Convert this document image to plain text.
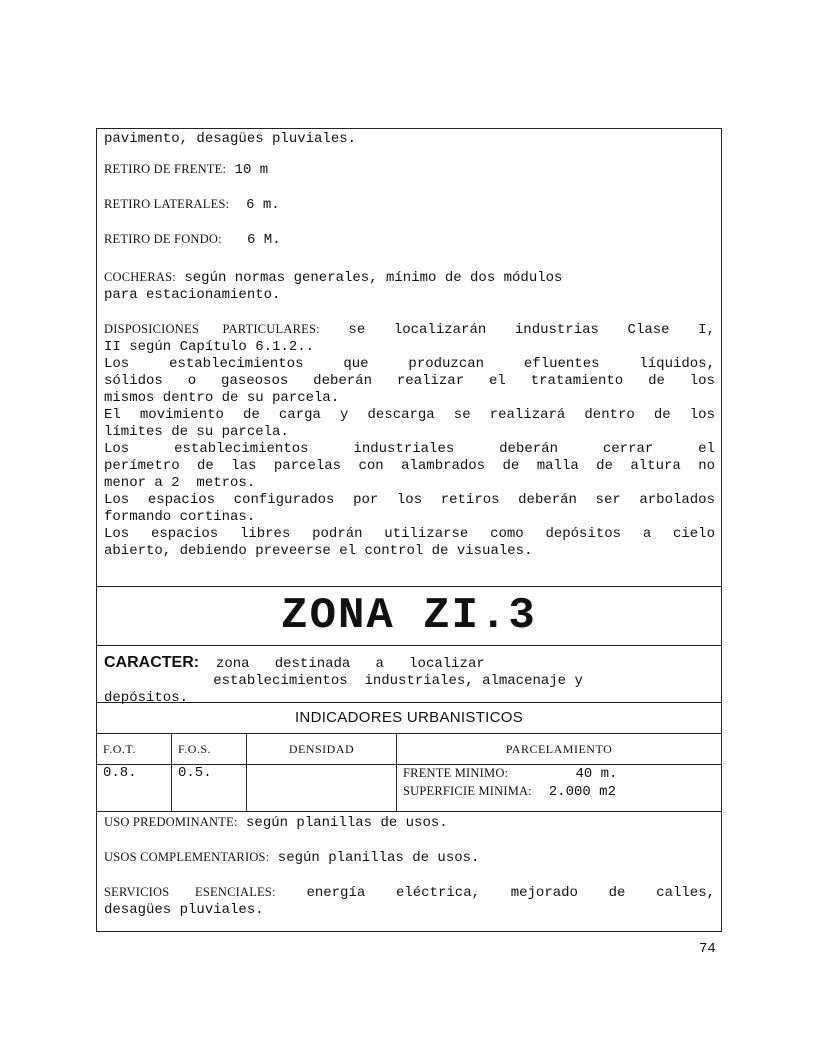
pavimento, desagües pluviales.
RETIRO DE FRENTE: 10 m
RETIRO LATERALES:  6 m.
RETIRO DE FONDO:   6 M.
COCHERAS: según normas generales, mínimo de dos módulos
para estacionamiento.
DISPOSICIONES PARTICULARES: se localizarán industrias Clase I,
II según Capítulo 6.1.2..
Los establecimientos que produzcan efluentes líquidos,
sólidos o gaseosos deberán realizar el tratamiento de los
mismos dentro de su parcela.
El movimiento de carga y descarga se realizará dentro de los
límites de su parcela.
Los establecimientos industriales deberán cerrar el
perímetro de las parcelas con alambrados de malla de altura no
menor a 2  metros.
Los espacios configurados por los retiros deberán ser arbolados
formando cortinas.
Los espacios libres podrán utilizarse como depósitos a cielo
abierto, debiendo preveerse el control de visuales.
ZONA ZI.3
CARACTER:  zona   destinada   a   localizar
establecimientos  industriales, almacenaje y
depósitos.
INDICADORES URBANISTICOS
F.O.T.	F.O.S.	DENSIDAD	PARCELAMIENTO

0.8.	0.5.		FRENTE MINIMO:        40 m.
SUPERFICIE MINIMA:  2.000 m2
USO PREDOMINANTE: según planillas de usos.
USOS COMPLEMENTARIOS: según planillas de usos.
SERVICIOS ESENCIALES: energía eléctrica, mejorado de calles,
desagües pluviales.
74
